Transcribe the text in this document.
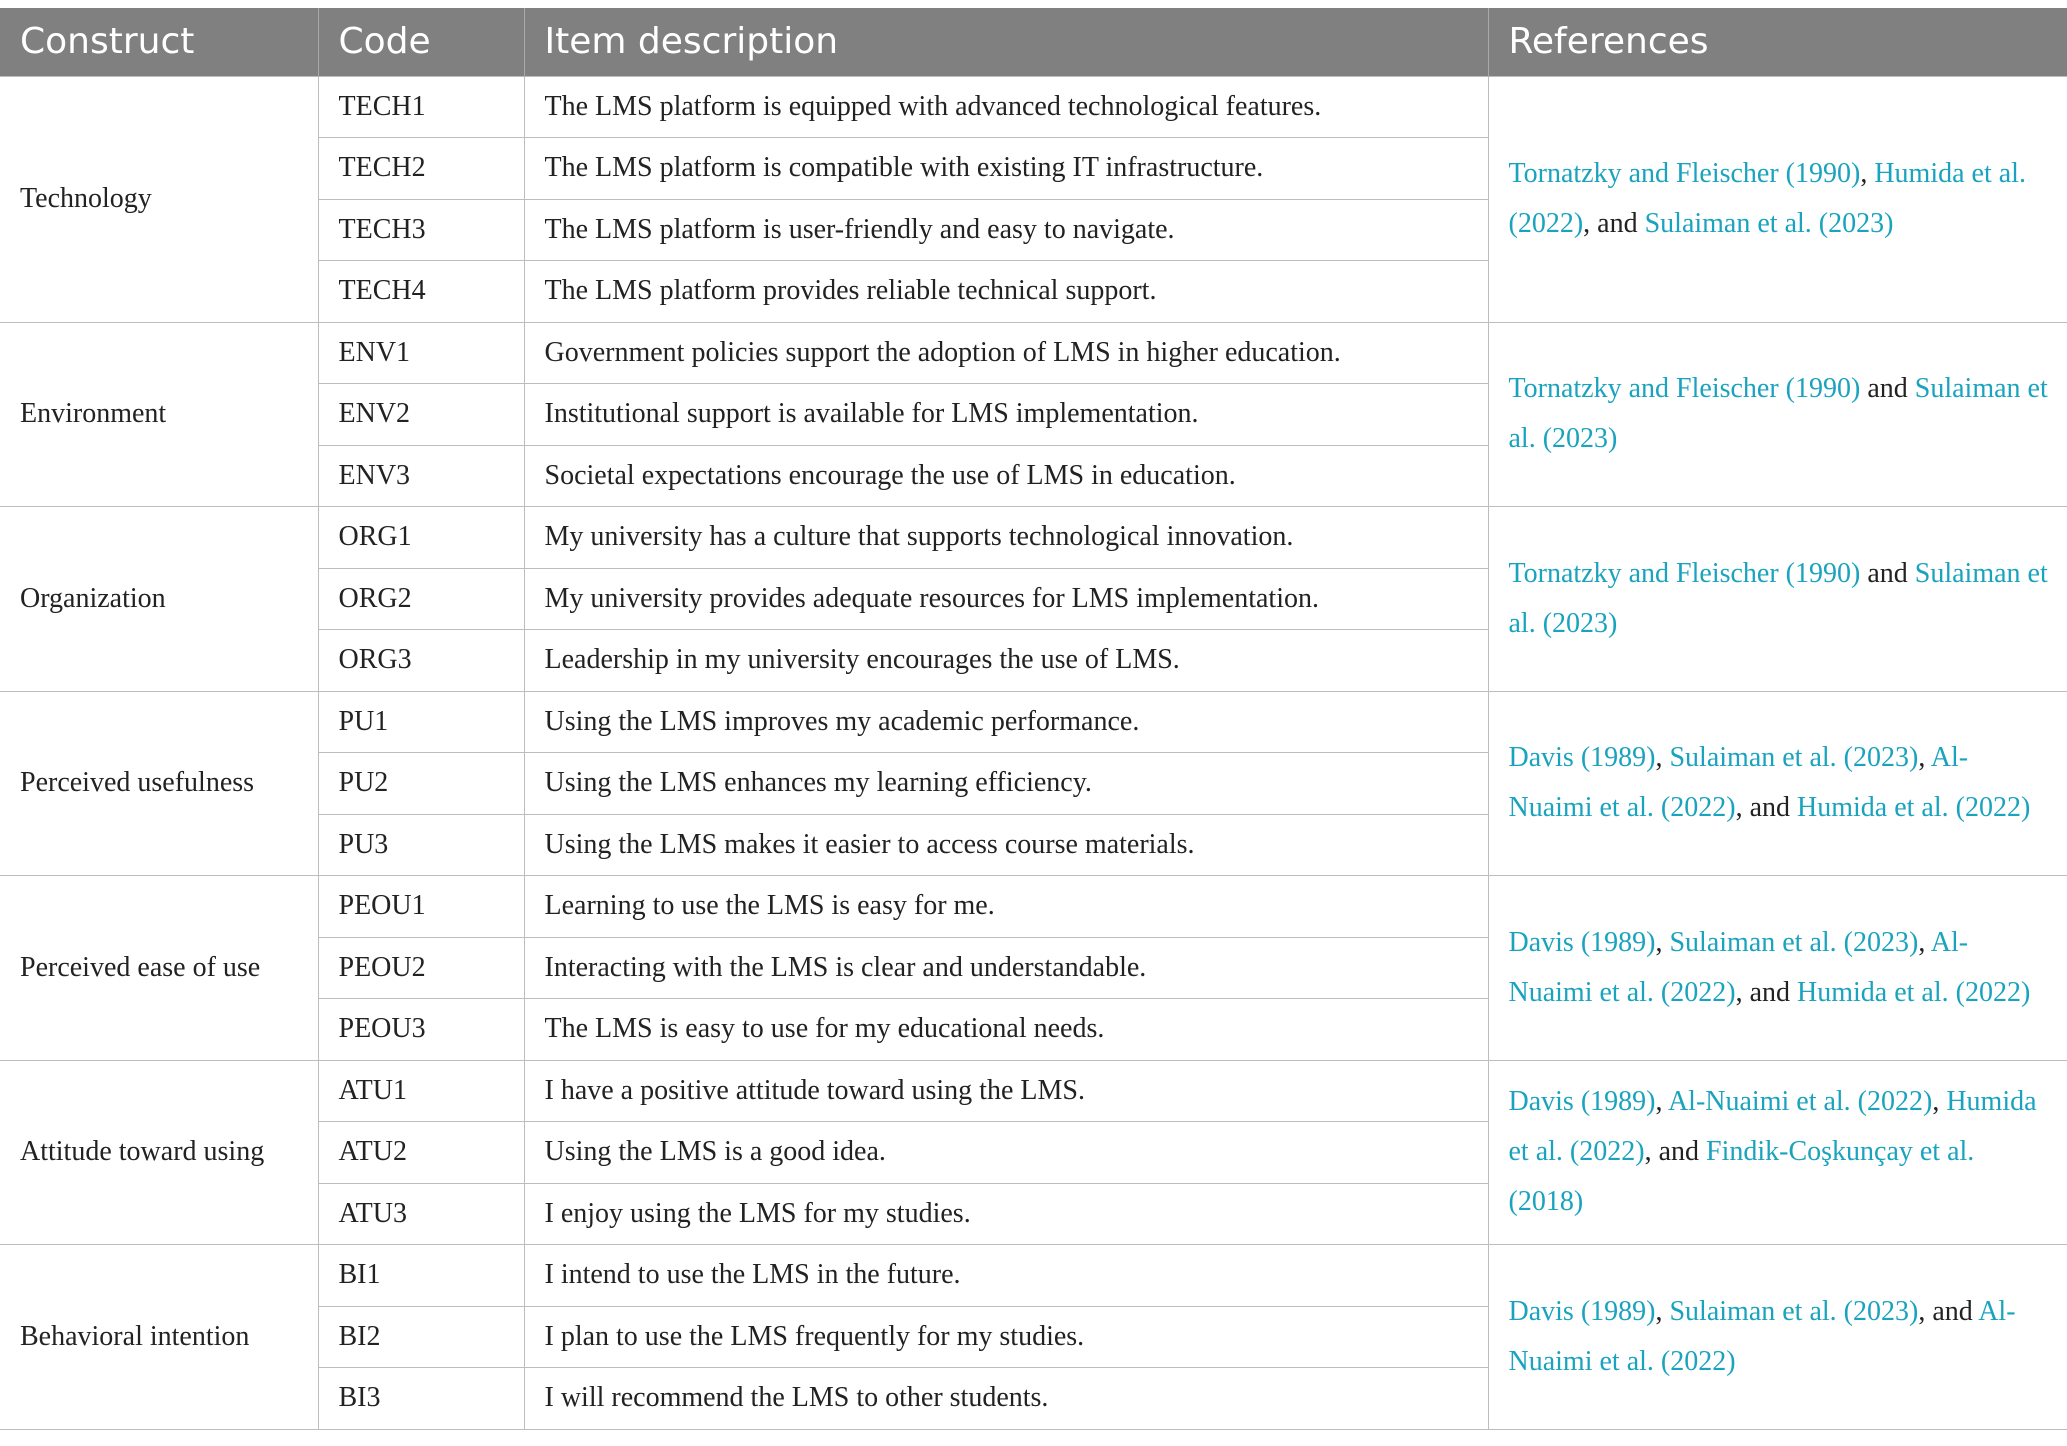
Construct	Code	Item description	References
Technology	TECH1	The LMS platform is equipped with advanced technological features.	Tornatzky and Fleischer (1990), Humida et al. (2022), and Sulaiman et al. (2023)
	TECH2	The LMS platform is compatible with existing IT infrastructure.	
	TECH3	The LMS platform is user-friendly and easy to navigate.	
	TECH4	The LMS platform provides reliable technical support.	
Environment	ENV1	Government policies support the adoption of LMS in higher education.	Tornatzky and Fleischer (1990) and Sulaiman et al. (2023)
	ENV2	Institutional support is available for LMS implementation.	
	ENV3	Societal expectations encourage the use of LMS in education.	
Organization	ORG1	My university has a culture that supports technological innovation.	Tornatzky and Fleischer (1990) and Sulaiman et al. (2023)
	ORG2	My university provides adequate resources for LMS implementation.	
	ORG3	Leadership in my university encourages the use of LMS.	
Perceived usefulness	PU1	Using the LMS improves my academic performance.	Davis (1989), Sulaiman et al. (2023), Al-Nuaimi et al. (2022), and Humida et al. (2022)
	PU2	Using the LMS enhances my learning efficiency.	
	PU3	Using the LMS makes it easier to access course materials.	
Perceived ease of use	PEOU1	Learning to use the LMS is easy for me.	Davis (1989), Sulaiman et al. (2023), Al-Nuaimi et al. (2022), and Humida et al. (2022)
	PEOU2	Interacting with the LMS is clear and understandable.	
	PEOU3	The LMS is easy to use for my educational needs.	
Attitude toward using	ATU1	I have a positive attitude toward using the LMS.	Davis (1989), Al-Nuaimi et al. (2022), Humida et al. (2022), and Findik-Coşkunçay et al. (2018)
	ATU2	Using the LMS is a good idea.	
	ATU3	I enjoy using the LMS for my studies.	
Behavioral intention	BI1	I intend to use the LMS in the future.	Davis (1989), Sulaiman et al. (2023), and Al-Nuaimi et al. (2022)
	BI2	I plan to use the LMS frequently for my studies.	
	BI3	I will recommend the LMS to other students.	
